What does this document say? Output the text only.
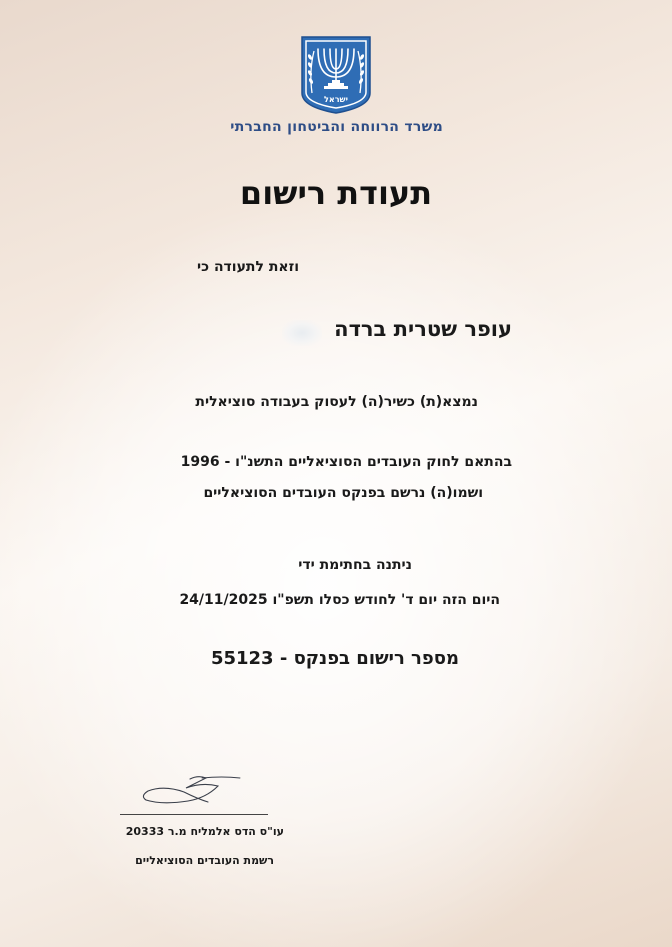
ישראל
משרד הרווחה והביטחון החברתי
תעודת רישום
וזאת לתעודה כי
עופר שטרית ברדה
נמצא(ת) כשיר(ה) לעסוק בעבודה סוציאלית
בהתאם לחוק העובדים הסוציאליים התשנ"ו - 1996
ושמו(ה) נרשם בפנקס העובדים הסוציאליים
ניתנה בחתימת ידי
היום הזה יום ד' לחודש כסלו תשפ"ו 24/11/2025
מספר רישום בפנקס - 55123
עו"ס הדס אלמליח מ.ר 20333
רשמת העובדים הסוציאליים
